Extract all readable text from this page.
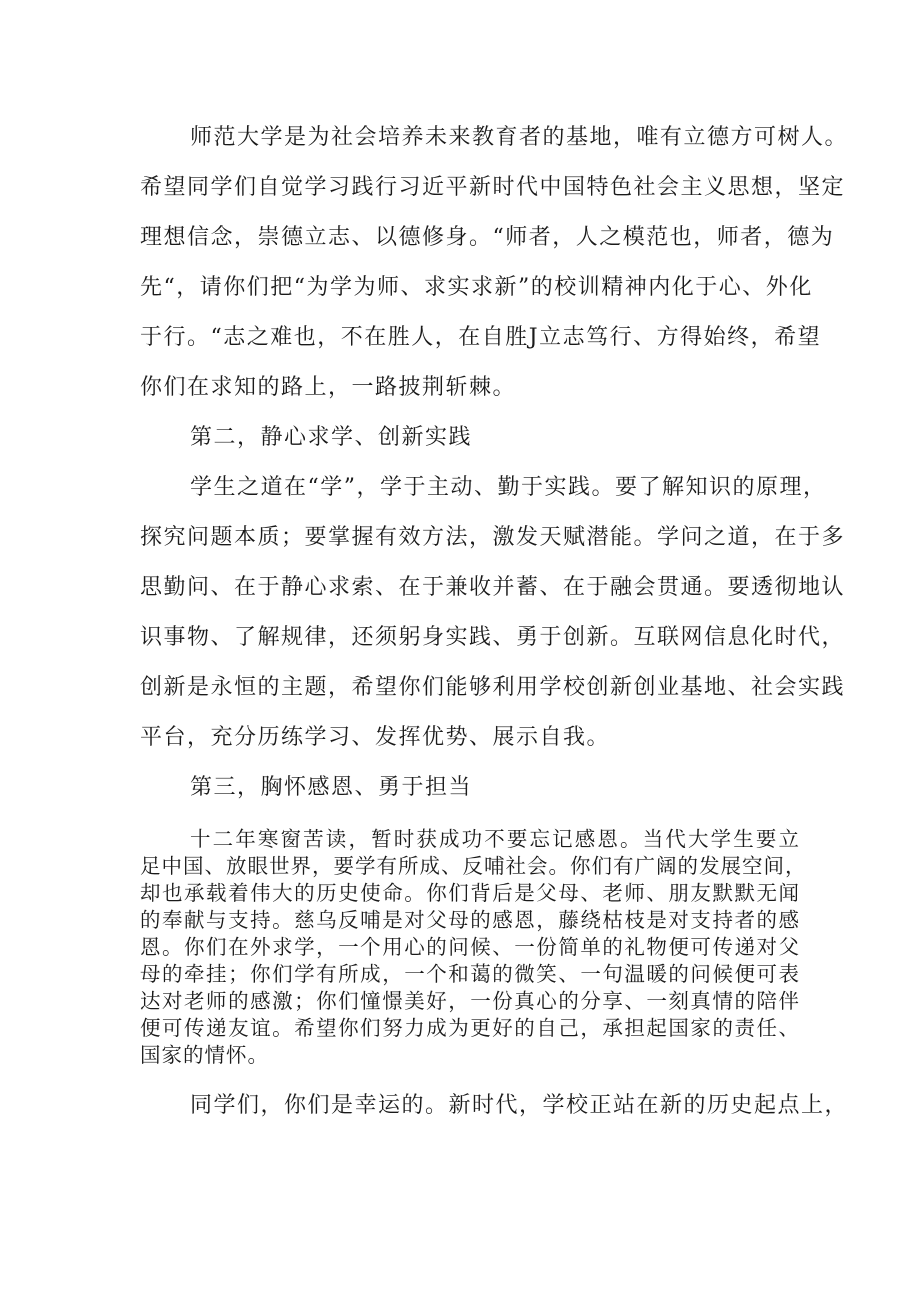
师范大学是为社会培养未来教育者的基地，唯有立德方可树人。
希望同学们自觉学习践行习近平新时代中国特色社会主义思想，坚定
理想信念，崇德立志、以德修身。“师者，人之模范也，师者，德为
先“，请你们把“为学为师、求实求新”的校训精神内化于心、外化
于行。“志之难也，不在胜人，在自胜J立志笃行、方得始终，希望
你们在求知的路上，一路披荆斩棘。
第二，静心求学、创新实践
学生之道在“学”，学于主动、勤于实践。要了解知识的原理，
探究问题本质；要掌握有效方法，激发天赋潜能。学问之道，在于多
思勤问、在于静心求索、在于兼收并蓄、在于融会贯通。要透彻地认
识事物、了解规律，还须躬身实践、勇于创新。互联网信息化时代，
创新是永恒的主题，希望你们能够利用学校创新创业基地、社会实践
平台，充分历练学习、发挥优势、展示自我。
第三，胸怀感恩、勇于担当
十二年寒窗苦读，暂时获成功不要忘记感恩。当代大学生要立
足中国、放眼世界，要学有所成、反哺社会。你们有广阔的发展空间，
却也承载着伟大的历史使命。你们背后是父母、老师、朋友默默无闻
的奉献与支持。慈乌反哺是对父母的感恩，藤绕枯枝是对支持者的感
恩。你们在外求学，一个用心的问候、一份简单的礼物便可传递对父
母的牵挂；你们学有所成，一个和蔼的微笑、一句温暖的问候便可表
达对老师的感激；你们憧憬美好，一份真心的分享、一刻真情的陪伴
便可传递友谊。希望你们努力成为更好的自己，承担起国家的责任、
国家的情怀。
同学们，你们是幸运的。新时代，学校正站在新的历史起点上，
